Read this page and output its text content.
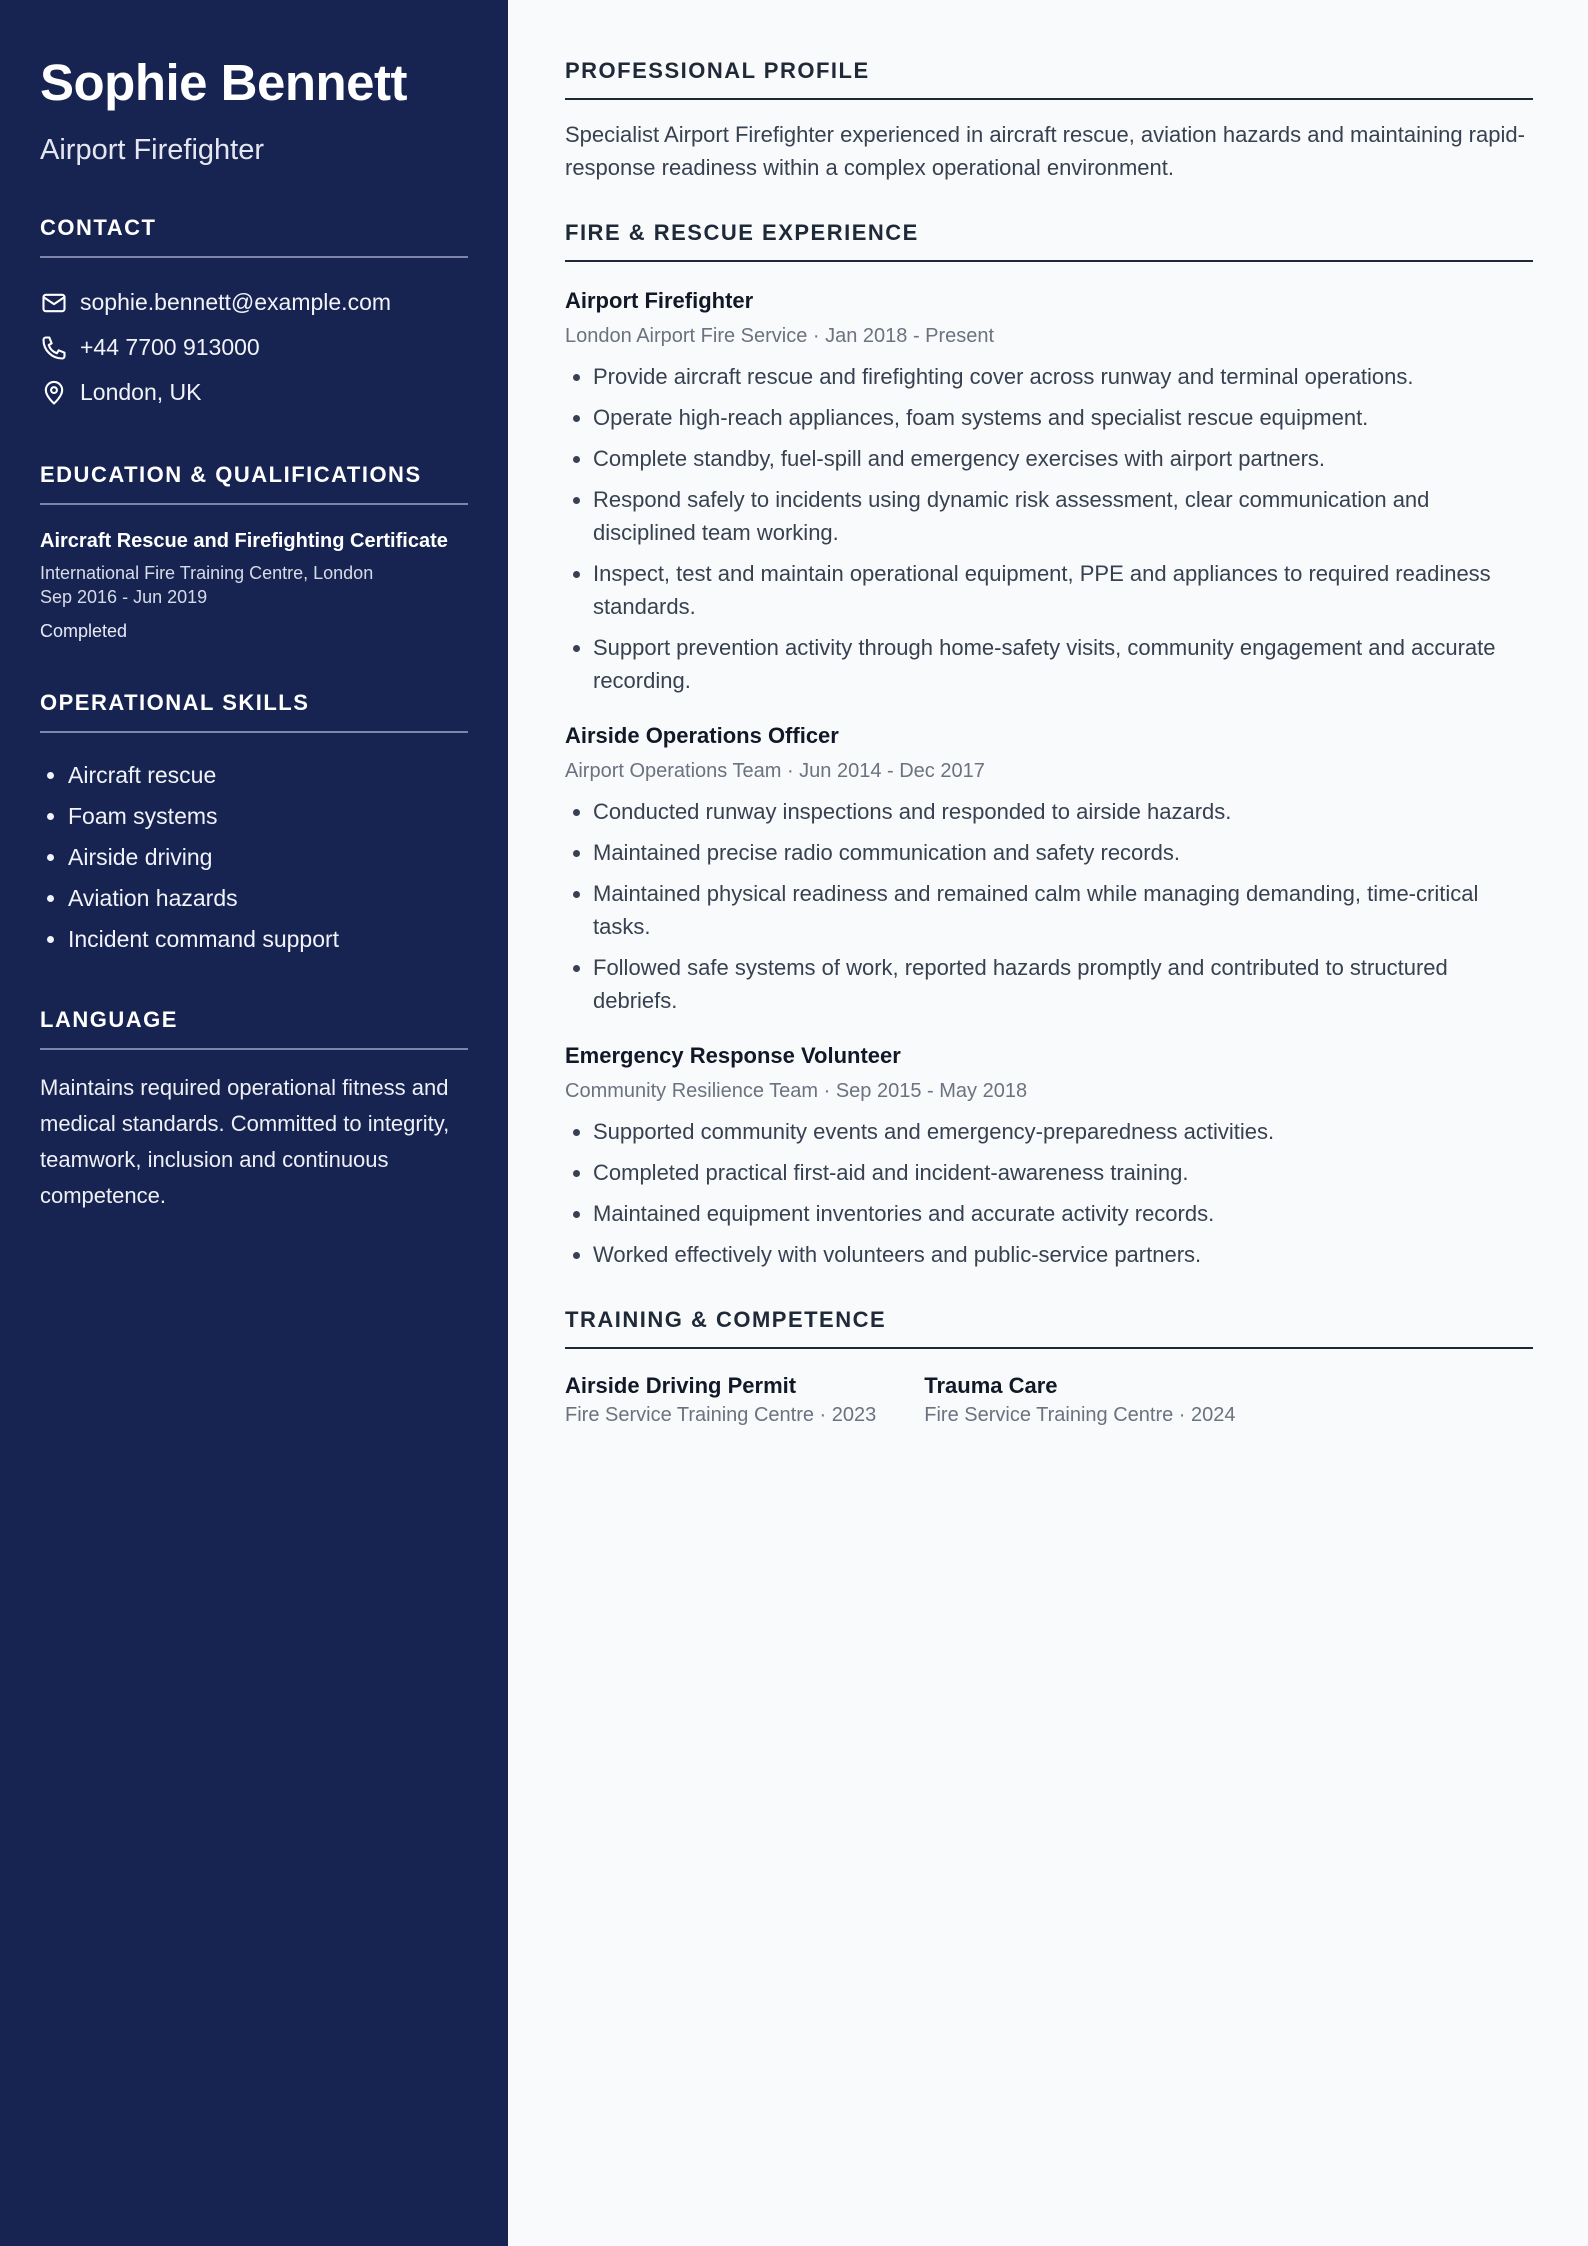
Sophie Bennett
Airport Firefighter
CONTACT
sophie.bennett@example.com
+44 7700 913000
London, UK
EDUCATION & QUALIFICATIONS
Aircraft Rescue and Firefighting Certificate
International Fire Training Centre, London
Sep 2016 - Jun 2019
Completed
OPERATIONAL SKILLS
• Aircraft rescue
• Foam systems
• Airside driving
• Aviation hazards
• Incident command support
LANGUAGE
Maintains required operational fitness and medical standards. Committed to integrity, teamwork, inclusion and continuous competence.
PROFESSIONAL PROFILE
Specialist Airport Firefighter experienced in aircraft rescue, aviation hazards and maintaining rapid-response readiness within a complex operational environment.
FIRE & RESCUE EXPERIENCE
Airport Firefighter
London Airport Fire Service · Jan 2018 - Present
• Provide aircraft rescue and firefighting cover across runway and terminal operations.
• Operate high-reach appliances, foam systems and specialist rescue equipment.
• Complete standby, fuel-spill and emergency exercises with airport partners.
• Respond safely to incidents using dynamic risk assessment, clear communication and disciplined team working.
• Inspect, test and maintain operational equipment, PPE and appliances to required readiness standards.
• Support prevention activity through home-safety visits, community engagement and accurate recording.
Airside Operations Officer
Airport Operations Team · Jun 2014 - Dec 2017
• Conducted runway inspections and responded to airside hazards.
• Maintained precise radio communication and safety records.
• Maintained physical readiness and remained calm while managing demanding, time-critical tasks.
• Followed safe systems of work, reported hazards promptly and contributed to structured debriefs.
Emergency Response Volunteer
Community Resilience Team · Sep 2015 - May 2018
• Supported community events and emergency-preparedness activities.
• Completed practical first-aid and incident-awareness training.
• Maintained equipment inventories and accurate activity records.
• Worked effectively with volunteers and public-service partners.
TRAINING & COMPETENCE
Airside Driving Permit
Fire Service Training Centre · 2023
Trauma Care
Fire Service Training Centre · 2024
